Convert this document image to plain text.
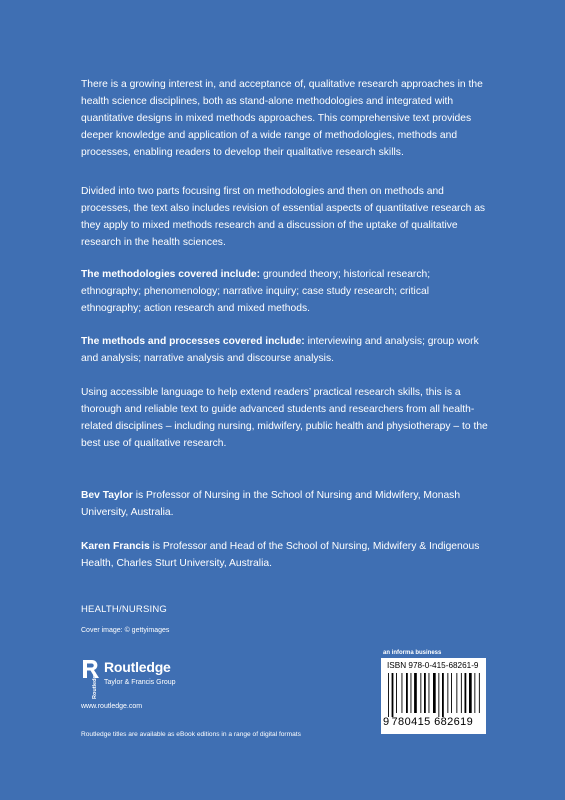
There is a growing interest in, and acceptance of, qualitative research approaches in the health science disciplines, both as stand-alone methodologies and integrated with quantitative designs in mixed methods approaches. This comprehensive text provides deeper knowledge and application of a wide range of methodologies, methods and processes, enabling readers to develop their qualitative research skills.

Divided into two parts focusing first on methodologies and then on methods and processes, the text also includes revision of essential aspects of quantitative research as they apply to mixed methods research and a discussion of the uptake of qualitative research in the health sciences.

The methodologies covered include: grounded theory; historical research; ethnography; phenomenology; narrative inquiry; case study research; critical ethnography; action research and mixed methods.

The methods and processes covered include: interviewing and analysis; group work and analysis; narrative analysis and discourse analysis.

Using accessible language to help extend readers’ practical research skills, this is a thorough and reliable text to guide advanced students and researchers from all health-related disciplines – including nursing, midwifery, public health and physiotherapy – to the best use of qualitative research.

Bev Taylor is Professor of Nursing in the School of Nursing and Midwifery, Monash University, Australia.

Karen Francis is Professor and Head of the School of Nursing, Midwifery & Indigenous Health, Charles Sturt University, Australia.

HEALTH/NURSING
Cover image: © gettyimages
Routledge
Routledge
Taylor & Francis Group
www.routledge.com
Routledge titles are available as eBook editions in a range of digital formats
an informa business
ISBN 978-0-415-68261-9
9 780415 682619
